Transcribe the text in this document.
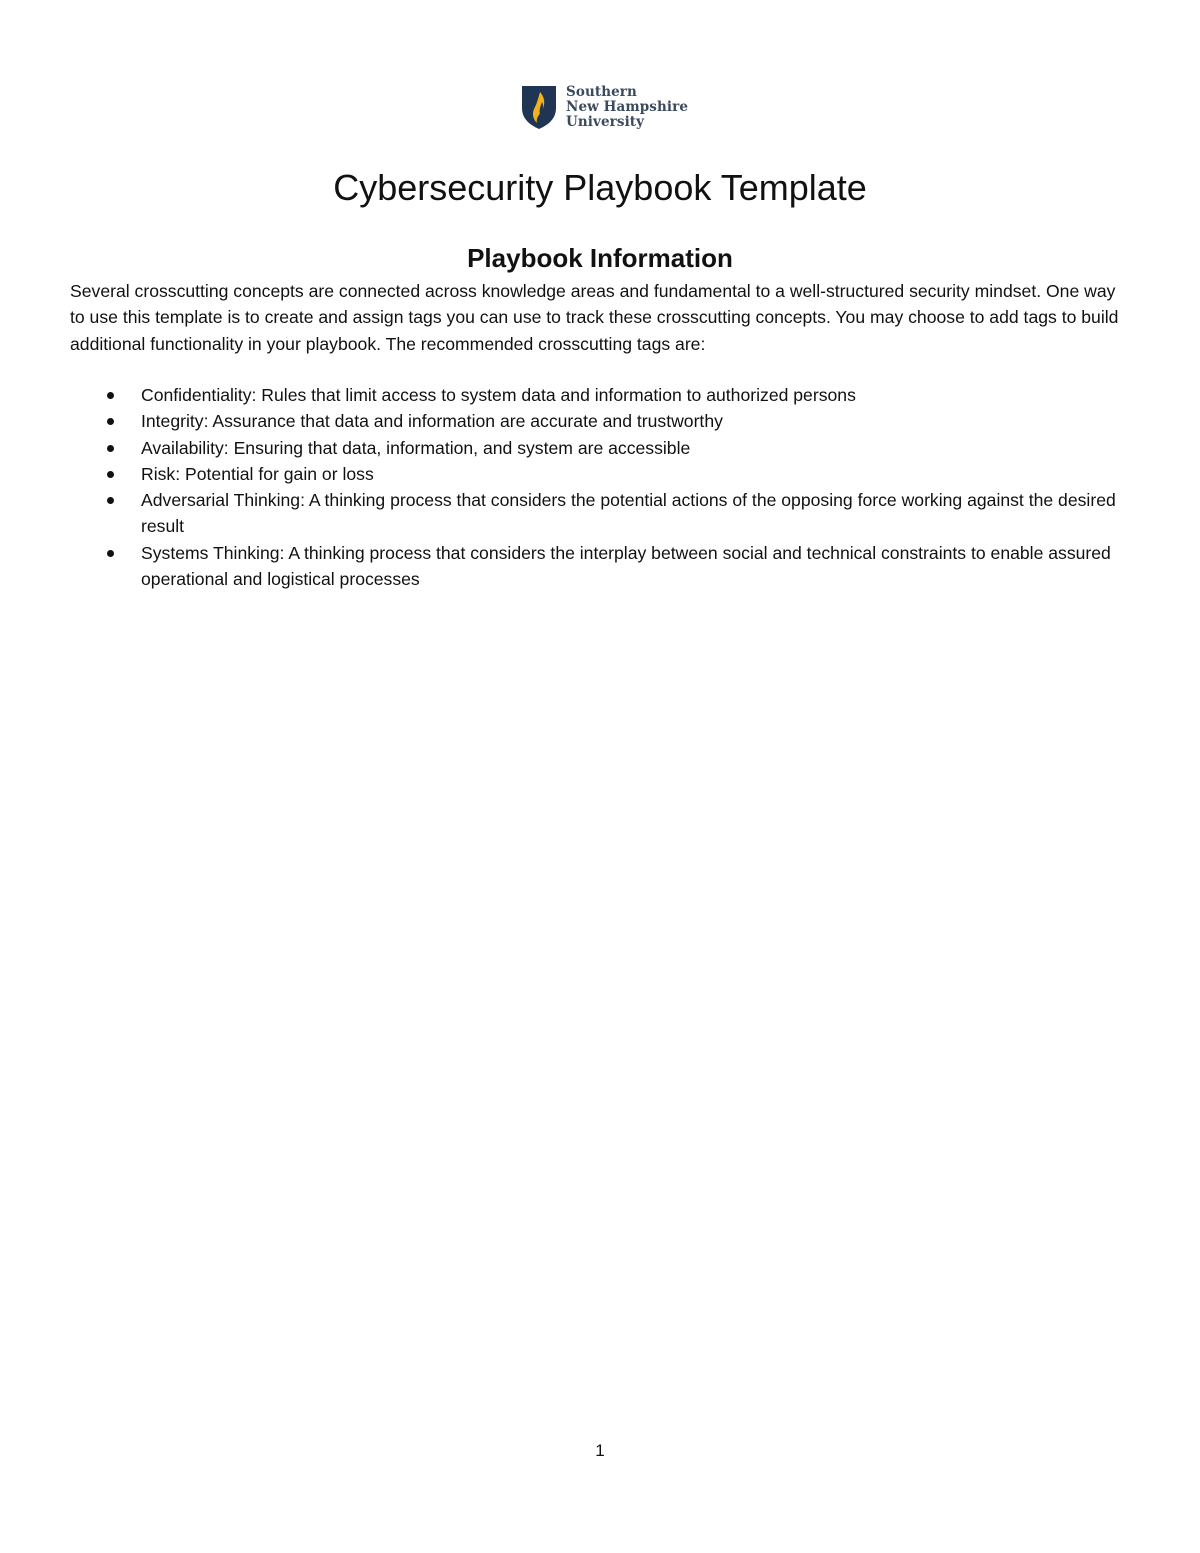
Southern
New Hampshire
University
Cybersecurity Playbook Template
Playbook Information

Several crosscutting concepts are connected across knowledge areas and fundamental to a well-structured security mindset. One way to use this template is to create and assign tags you can use to track these crosscutting concepts. You may choose to add tags to build additional functionality in your playbook. The recommended crosscutting tags are:

Confidentiality: Rules that limit access to system data and information to authorized persons
Integrity: Assurance that data and information are accurate and trustworthy
Availability: Ensuring that data, information, and system are accessible
Risk: Potential for gain or loss
Adversarial Thinking: A thinking process that considers the potential actions of the opposing force working against the desired result
Systems Thinking: A thinking process that considers the interplay between social and technical constraints to enable assured operational and logistical processes
1
